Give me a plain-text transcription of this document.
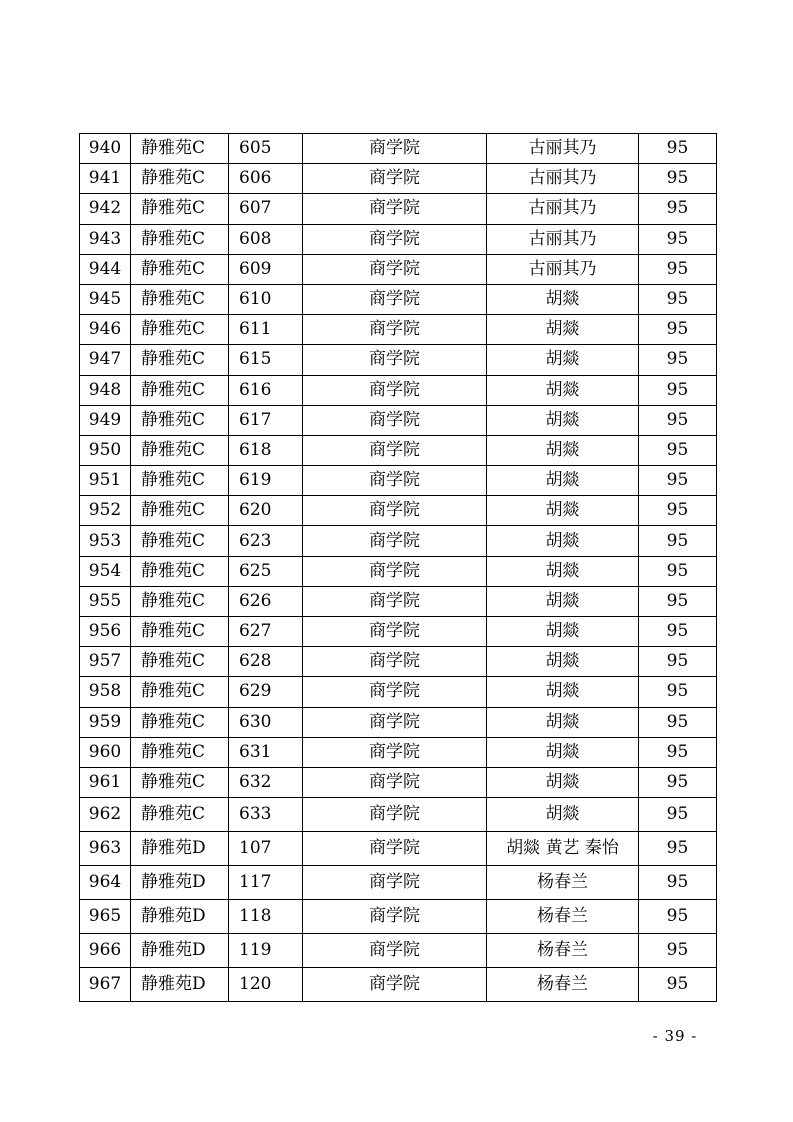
940	静雅苑C	605	商学院	古丽其乃	95
941	静雅苑C	606	商学院	古丽其乃	95
942	静雅苑C	607	商学院	古丽其乃	95
943	静雅苑C	608	商学院	古丽其乃	95
944	静雅苑C	609	商学院	古丽其乃	95
945	静雅苑C	610	商学院	胡燚	95
946	静雅苑C	611	商学院	胡燚	95
947	静雅苑C	615	商学院	胡燚	95
948	静雅苑C	616	商学院	胡燚	95
949	静雅苑C	617	商学院	胡燚	95
950	静雅苑C	618	商学院	胡燚	95
951	静雅苑C	619	商学院	胡燚	95
952	静雅苑C	620	商学院	胡燚	95
953	静雅苑C	623	商学院	胡燚	95
954	静雅苑C	625	商学院	胡燚	95
955	静雅苑C	626	商学院	胡燚	95
956	静雅苑C	627	商学院	胡燚	95
957	静雅苑C	628	商学院	胡燚	95
958	静雅苑C	629	商学院	胡燚	95
959	静雅苑C	630	商学院	胡燚	95
960	静雅苑C	631	商学院	胡燚	95
961	静雅苑C	632	商学院	胡燚	95
962	静雅苑C	633	商学院	胡燚	95
963	静雅苑D	107	商学院	胡燚 黄艺 秦怡	95
964	静雅苑D	117	商学院	杨春兰	95
965	静雅苑D	118	商学院	杨春兰	95
966	静雅苑D	119	商学院	杨春兰	95
967	静雅苑D	120	商学院	杨春兰	95
- 39 -
